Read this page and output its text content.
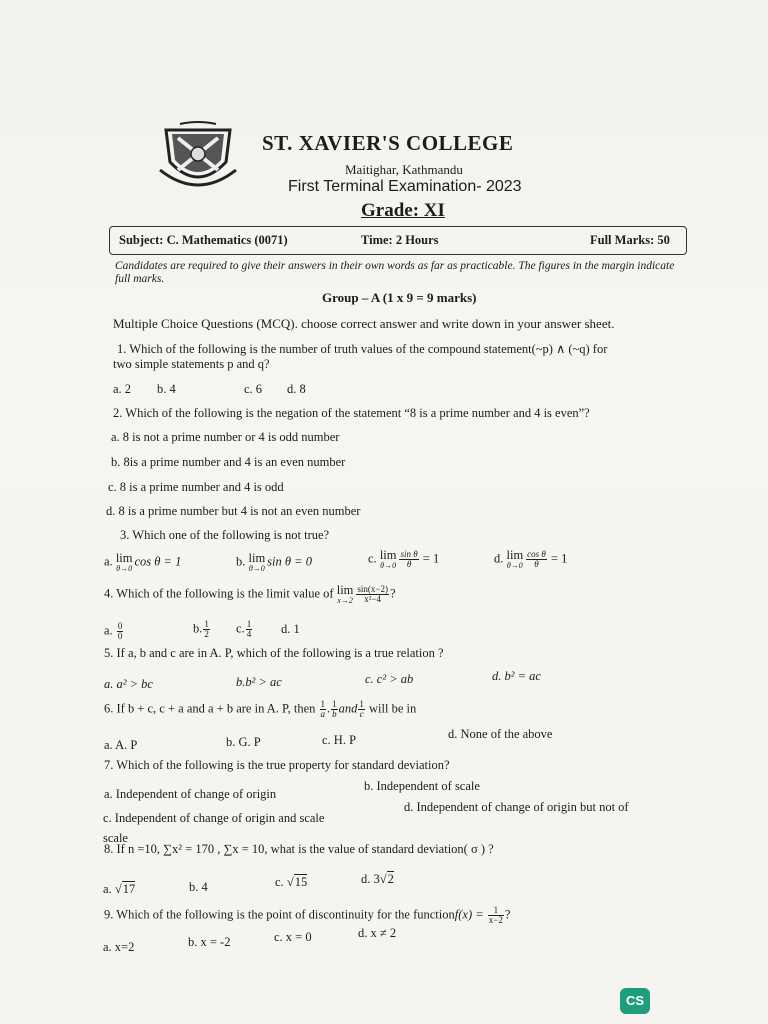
ST. XAVIER'S COLLEGE
Maitighar, Kathmandu
First Terminal Examination- 2023
Grade: XI
Subject: C. Mathematics (0071)	Time: 2 Hours	Full Marks: 50
Candidates are required to give their answers in their own words as far as practicable. The figures in the margin indicate full marks.
Group – A (1 x 9 = 9 marks)
Multiple Choice Questions (MCQ). choose correct answer and write down in your answer sheet.
1. Which of the following is the number of truth values of the compound statement(~p) ∧ (~q) for
two simple statements p and q?
a. 2 b. 4	c. 6 d. 8
2. Which of the following is the negation of the statement “8 is a prime number and 4 is even”?
a. 8 is not a prime number or 4 is odd number
b. 8is a prime number and 4 is an even number
c. 8 is a prime number and 4 is odd
d. 8 is a prime number but 4 is not an even number
3. Which one of the following is not true?
a. lim
θ→0
cos θ = 1	b. lim
θ→0
sin θ = 0	c. lim
$\theta\to 0 \frac{\text{sin θ}}{\theta} = 1$	d. lim
$\theta\to 0 \frac{\text{cos θ}}{\theta} = 1$
4. Which of the following is the limit value of lim
$x\to 2 \frac{\sin(x-2)}{\text{x²−4}}$ ?
a. $\frac{0}{0}$	b. $\frac{1}{2} c$. $\frac{1}{4} d$. 1
5. If a, b and c are in A. P, which of the following is a true relation ?
a. a² > bc	b.b² > ac	c. c² > ab	d. b² = ac
6. If b + c, c + a and a + b are in A. P, then $\frac{1}{a}$ . $\frac{1}{b}$ and $\frac{1}{c}$ will be in
a. A. P	b. G. P	c. H. P	d. None of the above
7. Which of the following is the true property for standard deviation?
a. Independent of change of origin
b. Independent of scale
c. Independent of change of origin and scale
d. Independent of change of origin but not of
scale
8. If n =10, ∑x² = 170 , ∑x = 10, what is the value of standard deviation( σ ) ?
a. √17	b. 4	c. √15	d. 3√2
9. Which of the following is the point of discontinuity for the functionf(x) = $\frac{1}{x-2}$ ?
a. x=2	b. x = -2	c. x = 0	d. x ≠ 2
CS
